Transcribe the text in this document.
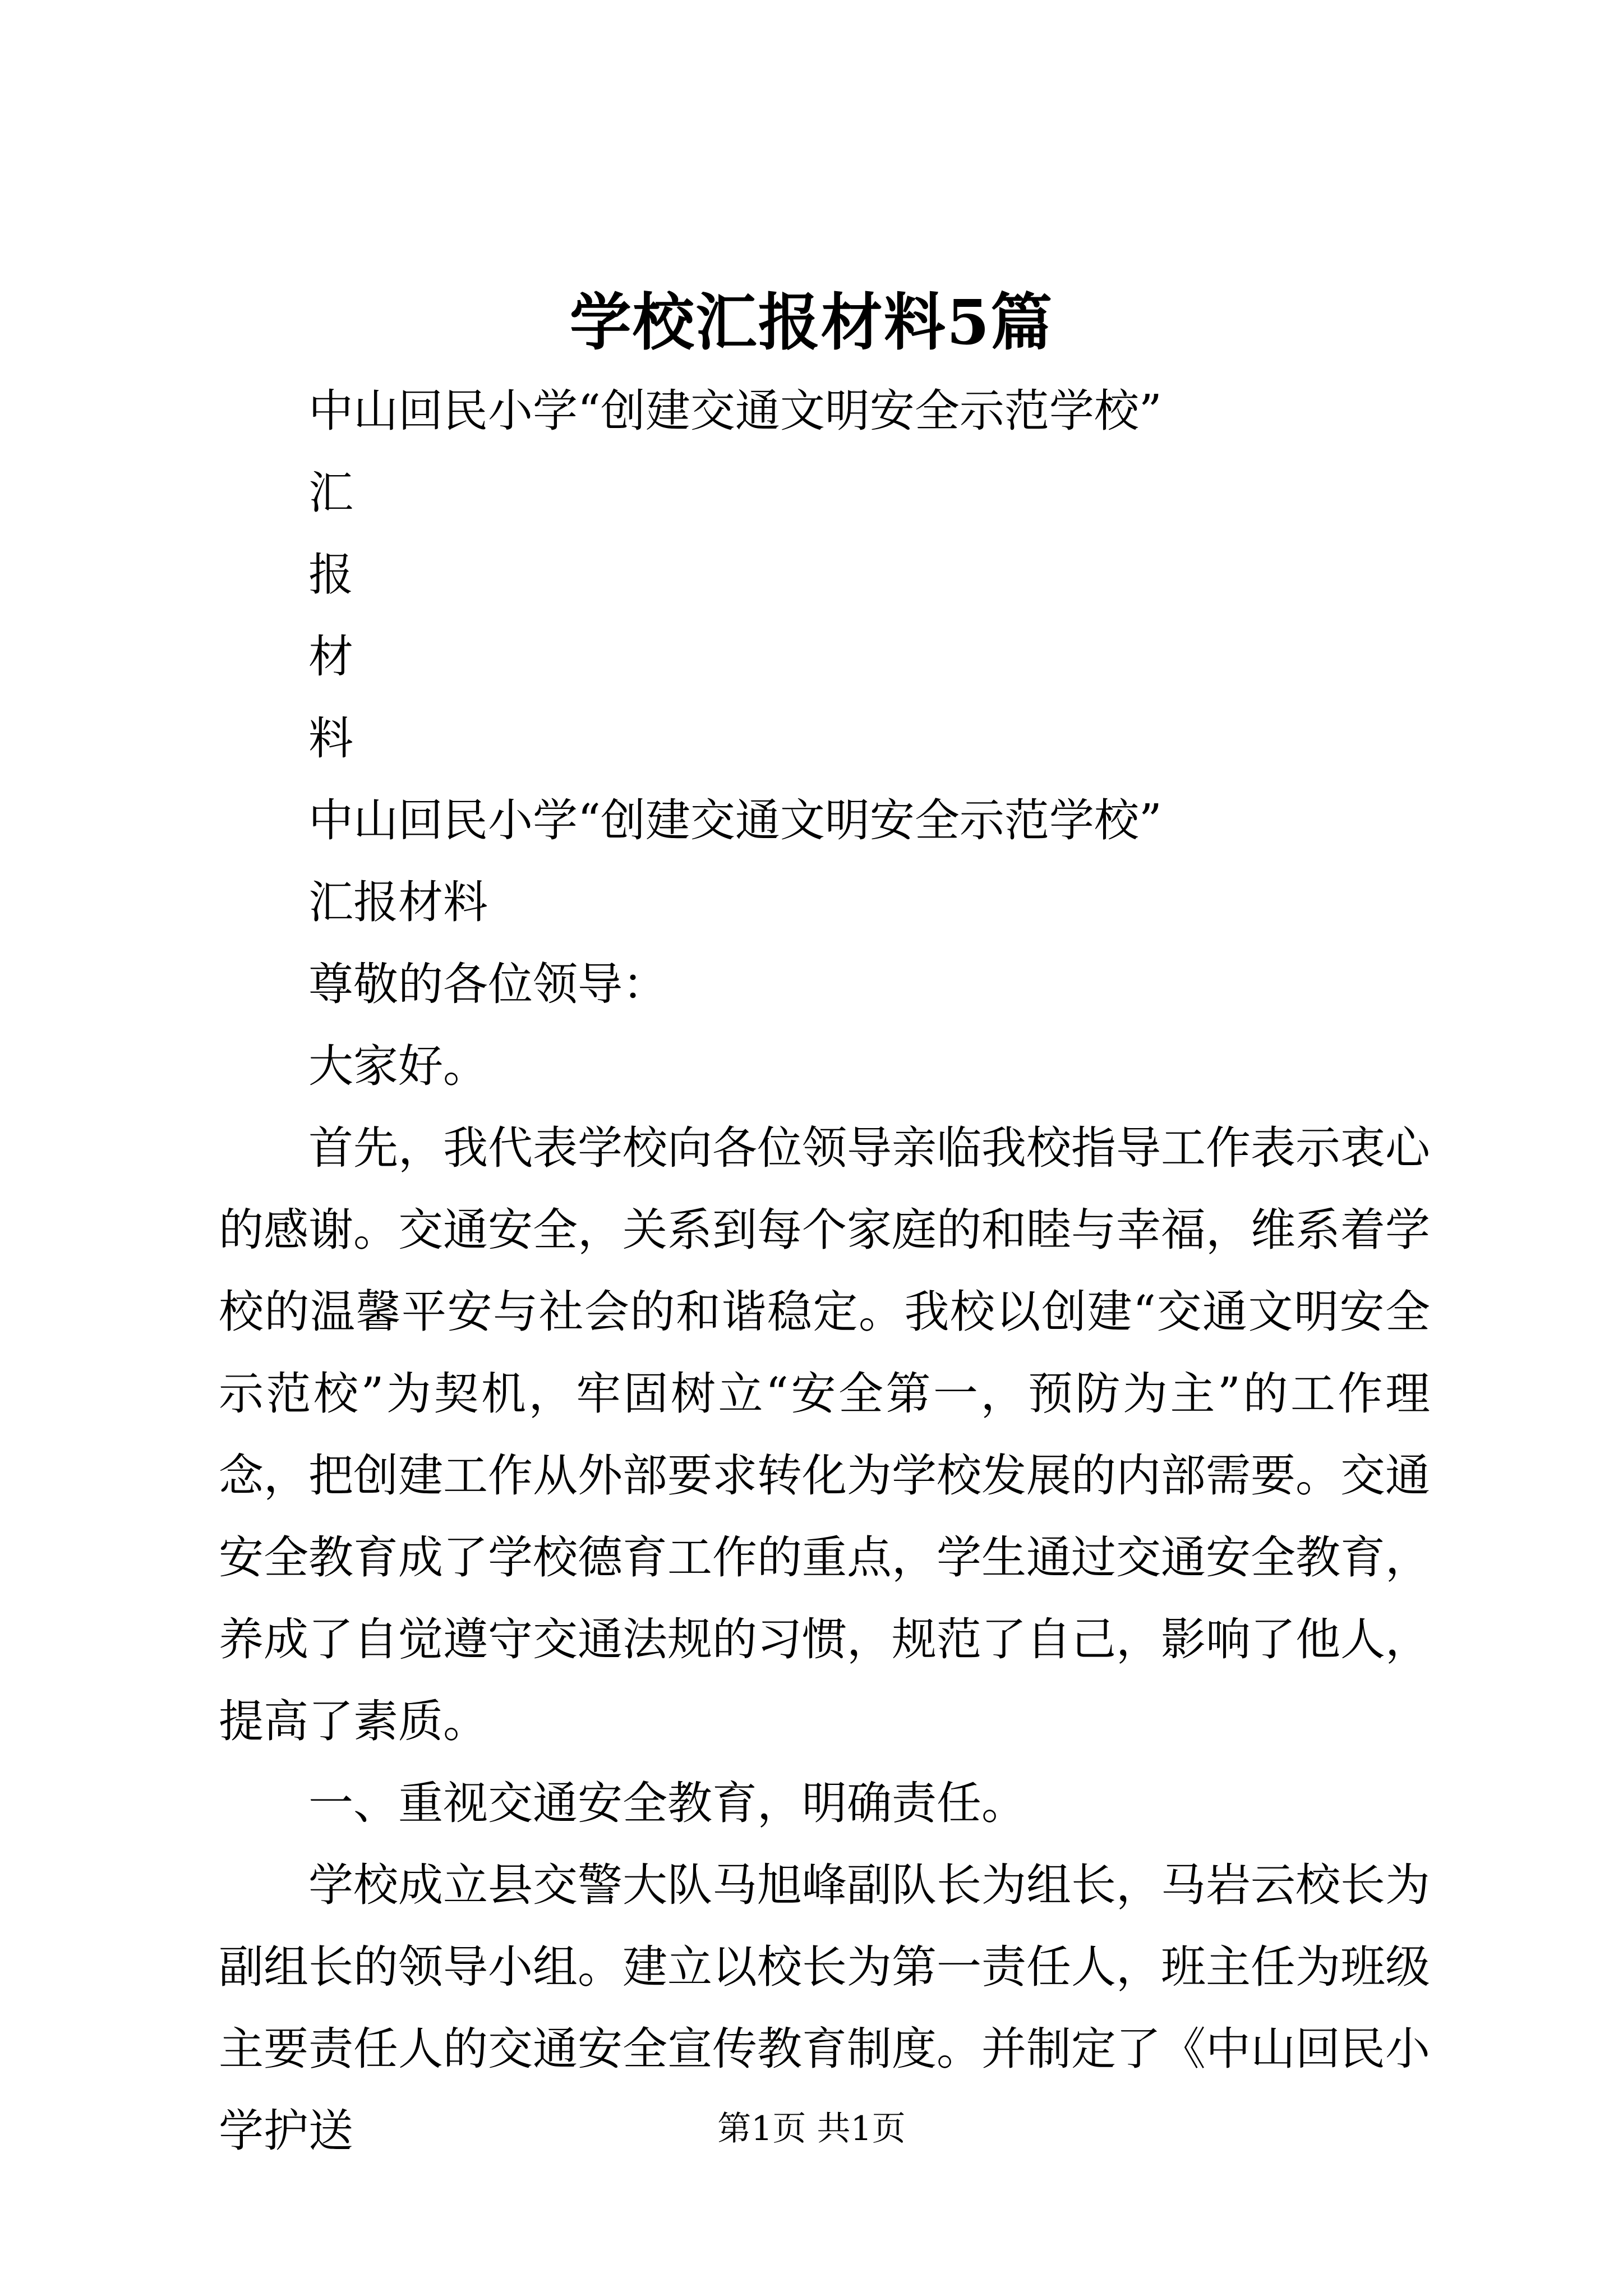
学校汇报材料5篇

中山回民小学“创建交通文明安全示范学校”

汇

报

材

料

中山回民小学“创建交通文明安全示范学校”

汇报材料

尊敬的各位领导：

大家好。

首先，我代表学校向各位领导亲临我校指导工作表示衷心的感谢。交通安全，关系到每个家庭的和睦与幸福，维系着学校的温馨平安与社会的和谐稳定。我校以创建“交通文明安全示范校”为契机，牢固树立“安全第一，预防为主”的工作理念，把创建工作从外部要求转化为学校发展的内部需要。交通安全教育成了学校德育工作的重点，学生通过交通安全教育，养成了自觉遵守交通法规的习惯，规范了自己，影响了他人，提高了素质。

一、重视交通安全教育，明确责任。

学校成立县交警大队马旭峰副队长为组长，马岩云校长为副组长的领导小组。建立以校长为第一责任人，班主任为班级主要责任人的交通安全宣传教育制度。并制定了《中山回民小学护送	第1页 共1页
